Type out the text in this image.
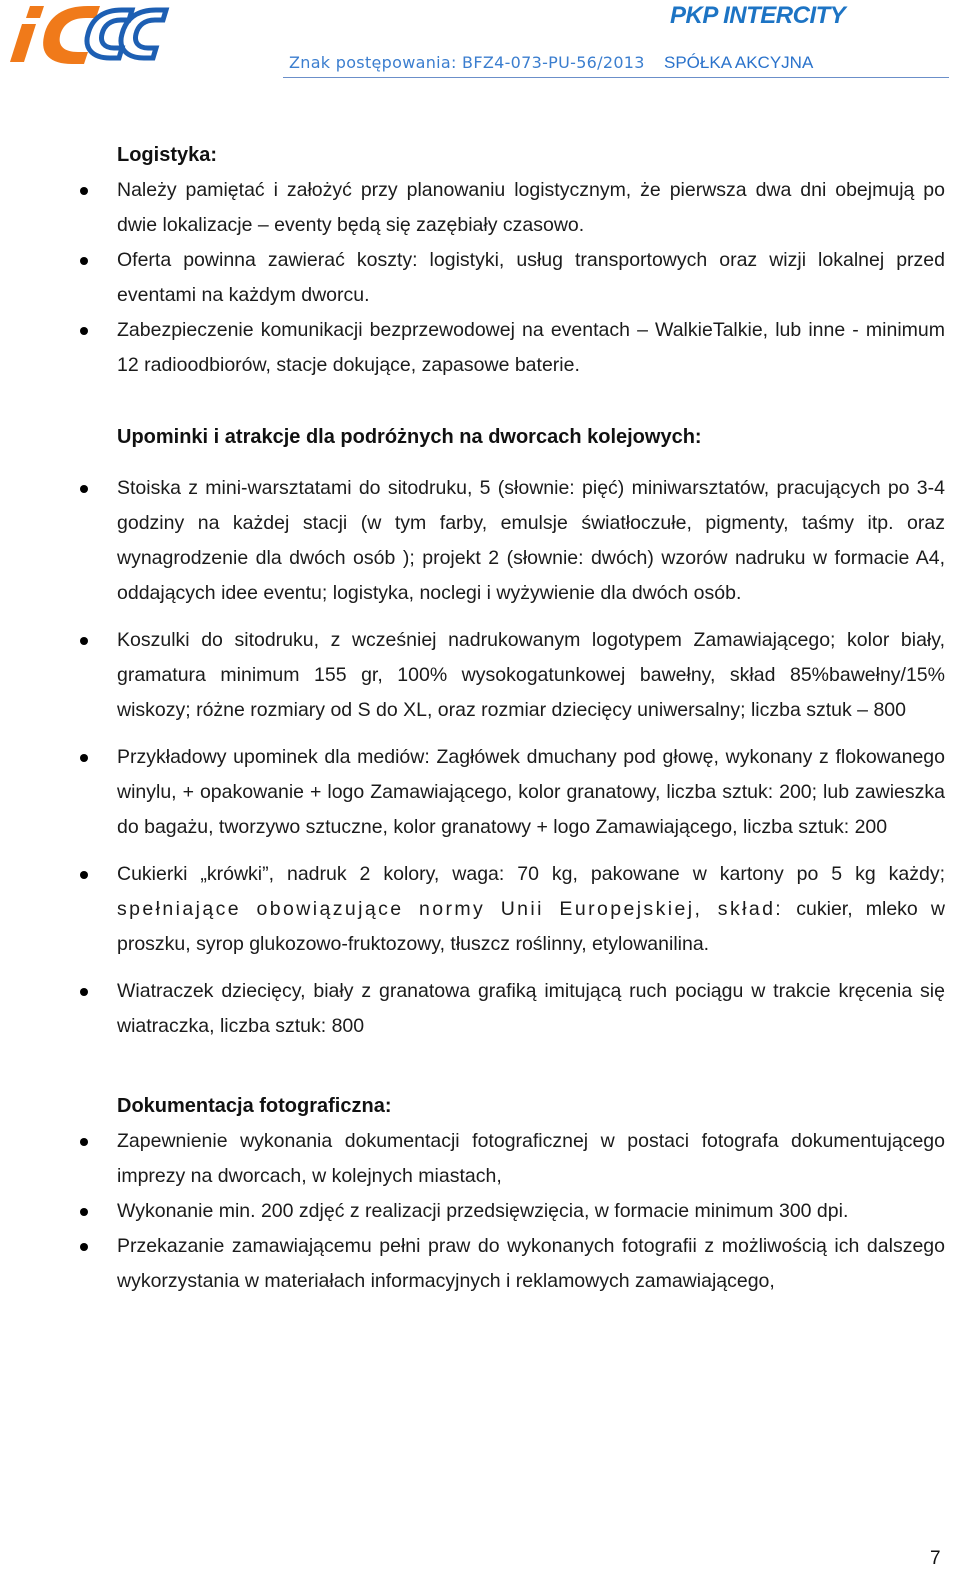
PKP INTERCITY
Znak postępowania: BFZ4-073-PU-56/2013 SPÓŁKA AKCYJNA
Logistyka:
Należy pamiętać i założyć przy planowaniu logistycznym, że pierwsza dwa dni obejmują po dwie lokalizacje – eventy będą się zazębiały czasowo.
Oferta powinna zawierać koszty: logistyki, usług transportowych oraz wizji lokalnej przed eventami na każdym dworcu.
Zabezpieczenie komunikacji bezprzewodowej na eventach – WalkieTalkie, lub inne - minimum 12 radioodbiorów, stacje dokujące, zapasowe baterie.
Upominki i atrakcje dla podróżnych na dworcach kolejowych:
Stoiska z mini-warsztatami do sitodruku, 5 (słownie: pięć) miniwarsztatów, pracujących po 3-4 godziny na każdej stacji (w tym farby, emulsje światłoczułe, pigmenty, taśmy itp. oraz wynagrodzenie dla dwóch osób ); projekt 2 (słownie: dwóch) wzorów nadruku w formacie A4, oddających idee eventu; logistyka, noclegi i wyżywienie dla dwóch osób.
Koszulki do sitodruku, z wcześniej nadrukowanym logotypem Zamawiającego; kolor biały, gramatura minimum 155 gr, 100% wysokogatunkowej bawełny, skład 85%bawełny/15% wiskozy; różne rozmiary od S do XL, oraz rozmiar dziecięcy uniwersalny; liczba sztuk – 800
Przykładowy upominek dla mediów: Zagłówek dmuchany pod głowę, wykonany z flokowanego winylu, + opakowanie + logo Zamawiającego, kolor granatowy, liczba sztuk: 200; lub zawieszka do bagażu, tworzywo sztuczne, kolor granatowy + logo Zamawiającego, liczba sztuk: 200
Cukierki „krówki”, nadruk 2 kolory, waga: 70 kg, pakowane w kartony po 5 kg każdy; spełniające obowiązujące normy Unii Europejskiej, skład: cukier, mleko w proszku, syrop glukozowo-fruktozowy, tłuszcz roślinny, etylowanilina.
Wiatraczek dziecięcy, biały z granatowa grafiką imitującą ruch pociągu w trakcie kręcenia się wiatraczka, liczba sztuk: 800
Dokumentacja fotograficzna:
Zapewnienie wykonania dokumentacji fotograficznej w postaci fotografa dokumentującego imprezy na dworcach, w kolejnych miastach,
Wykonanie min. 200 zdjęć z realizacji przedsięwzięcia, w formacie minimum 300 dpi.
Przekazanie zamawiającemu pełni praw do wykonanych fotografii z możliwością ich dalszego wykorzystania w materiałach informacyjnych i reklamowych zamawiającego,
7
